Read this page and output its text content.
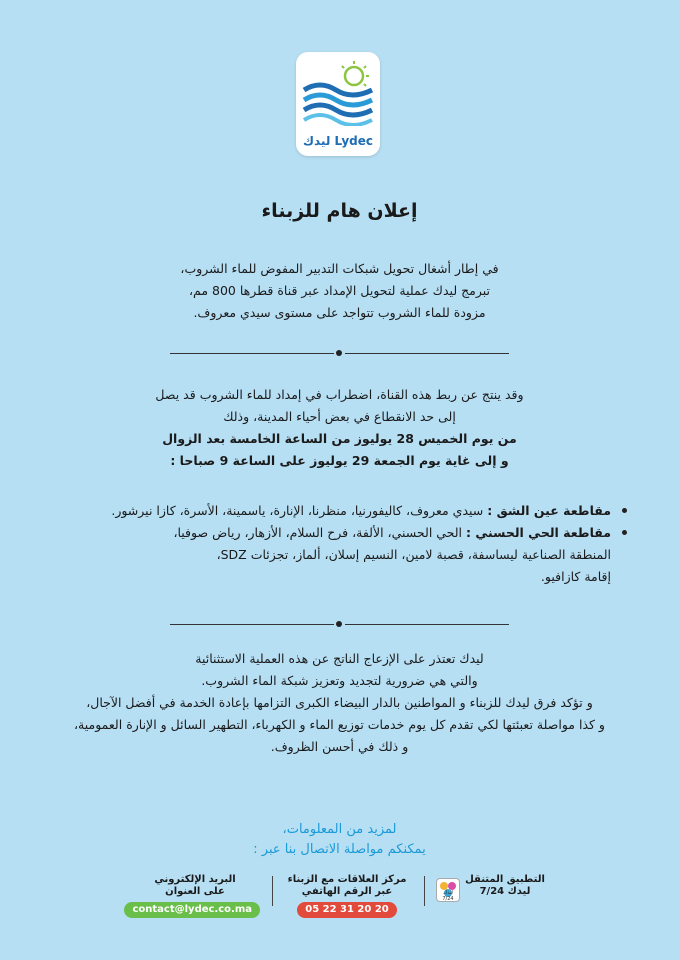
Lydec ليدك
إعلان هام للزبناء
في إطار أشغال تحويل شبكات التدبير المفوض للماء الشروب،
تبرمج ليدك عملية لتحويل الإمداد عبر قناة قطرها 800 مم،
مزودة للماء الشروب تتواجد على مستوى سيدي معروف.
وقد ينتج عن ربط هذه القناة، اضطراب في إمداد للماء الشروب قد يصل
إلى حد الانقطاع في بعض أحياء المدينة، وذلك
من يوم الخميس 28 يوليوز من الساعة الخامسة بعد الزوال
و إلى غاية يوم الجمعة 29 يوليوز على الساعة 9 صباحا :
مقاطعة عين الشق : سيدي معروف، كاليفورنيا، منظرنا، الإنارة، ياسمينة، الأسرة، كازا نيرشور.
مقاطعة الحي الحسني : الحي الحسني، الألفة، فرح السلام، الأزهار، رياض صوفيا،
المنطقة الصناعية ليساسفة، قصبة لامين، النسيم إسلان، ألماز، تجزئات SDZ،
إقامة كازافيو.
ليدك تعتذر على الإزعاج الناتج عن هذه العملية الاستثنائية
والتي هي ضرورية لتجديد وتعزيز شبكة الماء الشروب.
و تؤكد فرق ليدك للزبناء و المواطنين بالدار البيضاء الكبرى التزامها بإعادة الخدمة في أفضل الآجال،
و كذا مواصلة تعبئتها لكي تقدم كل يوم خدمات توزيع الماء و الكهرباء، التطهير السائل و الإنارة العمومية،
و ذلك في أحسن الظروف.
لمزيد من المعلومات،
يمكنكم مواصلة الاتصال بنا عبر :
البريد الإلكتروني
على العنوان
contact@lydec.co.ma
مركز العلاقات مع الزبناء
عبر الرقم الهاتفي
05 22 31 20 20
ليدك 7/24
التطبيق المتنقل
ليدك 7/24
